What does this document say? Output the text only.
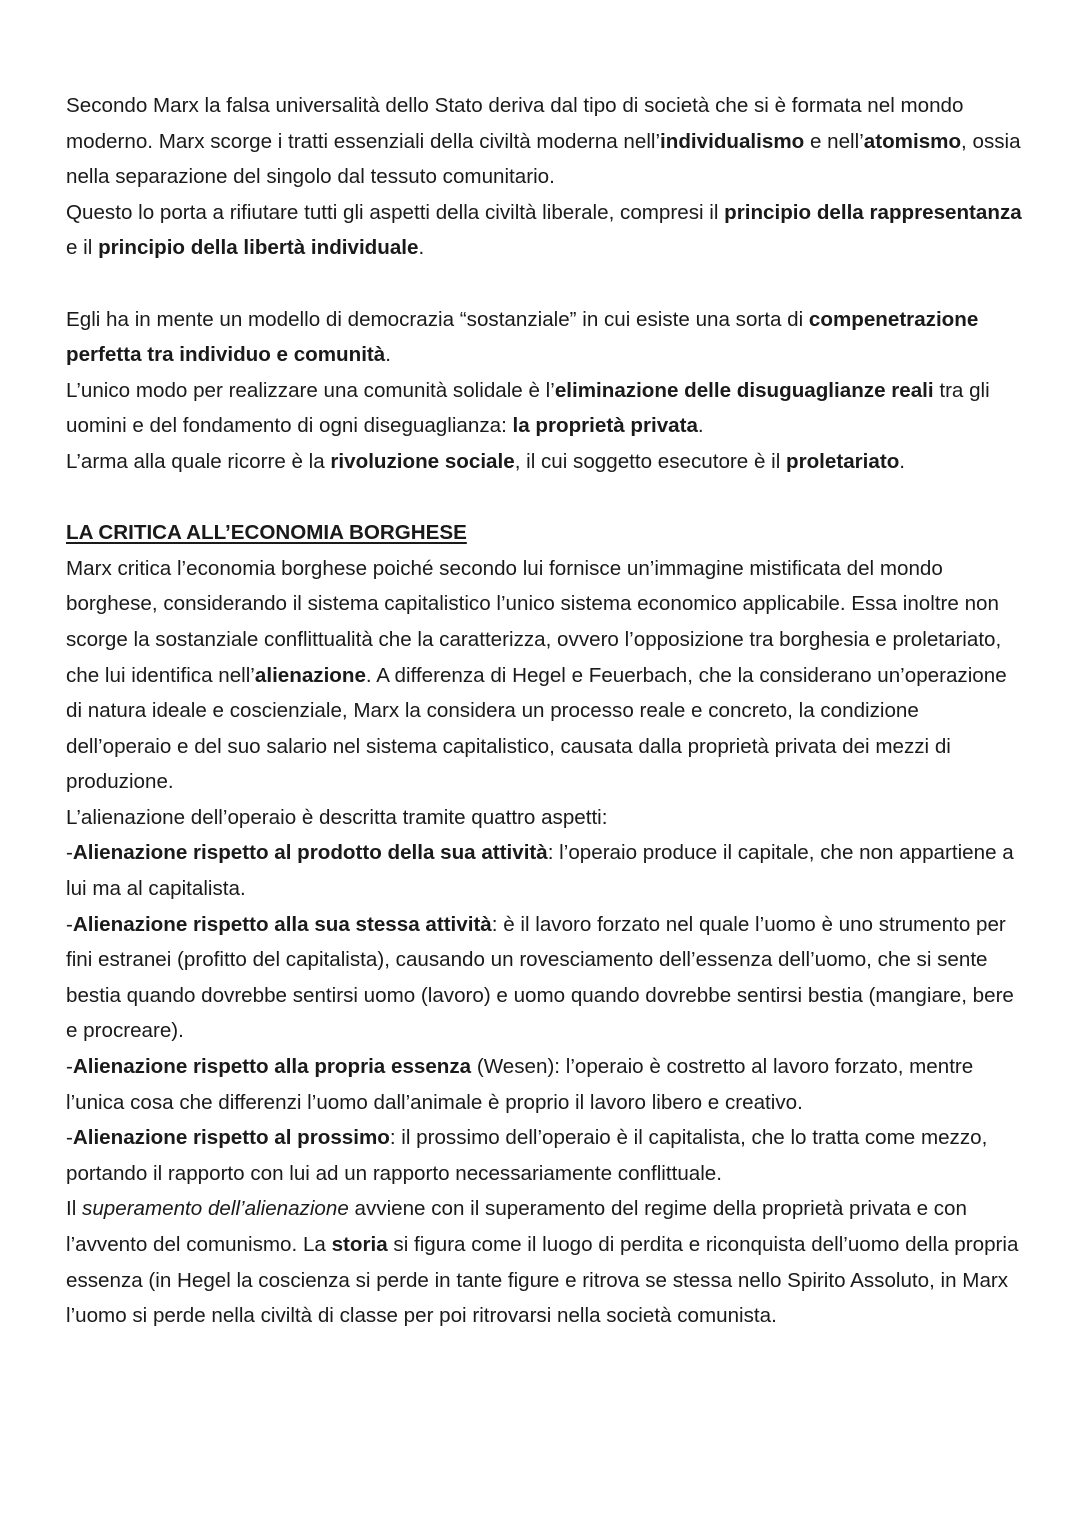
Secondo Marx la falsa universalità dello Stato deriva dal tipo di società che si è formata nel mondo moderno. Marx scorge i tratti essenziali della civiltà moderna nell’individualismo e nell’atomismo, ossia nella separazione del singolo dal tessuto comunitario.

Questo lo porta a rifiutare tutti gli aspetti della civiltà liberale, compresi il principio della rappresentanza e il principio della libertà individuale.

Egli ha in mente un modello di democrazia “sostanziale” in cui esiste una sorta di compenetrazione perfetta tra individuo e comunità.

L’unico modo per realizzare una comunità solidale è l’eliminazione delle disuguaglianze reali tra gli uomini e del fondamento di ogni diseguaglianza: la proprietà privata.

L’arma alla quale ricorre è la rivoluzione sociale, il cui soggetto esecutore è il proletariato.

LA CRITICA ALL’ECONOMIA BORGHESE

Marx critica l’economia borghese poiché secondo lui fornisce un’immagine mistificata del mondo borghese, considerando il sistema capitalistico l’unico sistema economico applicabile. Essa inoltre non scorge la sostanziale conflittualità che la caratterizza, ovvero l’opposizione tra borghesia e proletariato, che lui identifica nell’alienazione. A differenza di Hegel e Feuerbach, che la considerano un’operazione di natura ideale e coscienziale, Marx la considera un processo reale e concreto, la condizione dell’operaio e del suo salario nel sistema capitalistico, causata dalla proprietà privata dei mezzi di produzione.

L’alienazione dell’operaio è descritta tramite quattro aspetti:

-Alienazione rispetto al prodotto della sua attività: l’operaio produce il capitale, che non appartiene a lui ma al capitalista.

-Alienazione rispetto alla sua stessa attività: è il lavoro forzato nel quale l’uomo è uno strumento per fini estranei (profitto del capitalista), causando un rovesciamento dell’essenza dell’uomo, che si sente bestia quando dovrebbe sentirsi uomo (lavoro) e uomo quando dovrebbe sentirsi bestia (mangiare, bere e procreare).

-Alienazione rispetto alla propria essenza (Wesen): l’operaio è costretto al lavoro forzato, mentre l’unica cosa che differenzi l’uomo dall’animale è proprio il lavoro libero e creativo.

-Alienazione rispetto al prossimo: il prossimo dell’operaio è il capitalista, che lo tratta come mezzo, portando il rapporto con lui ad un rapporto necessariamente conflittuale.

Il superamento dell’alienazione avviene con il superamento del regime della proprietà privata e con l’avvento del comunismo. La storia si figura come il luogo di perdita e riconquista dell’uomo della propria essenza (in Hegel la coscienza si perde in tante figure e ritrova se stessa nello Spirito Assoluto, in Marx l’uomo si perde nella civiltà di classe per poi ritrovarsi nella società comunista.
